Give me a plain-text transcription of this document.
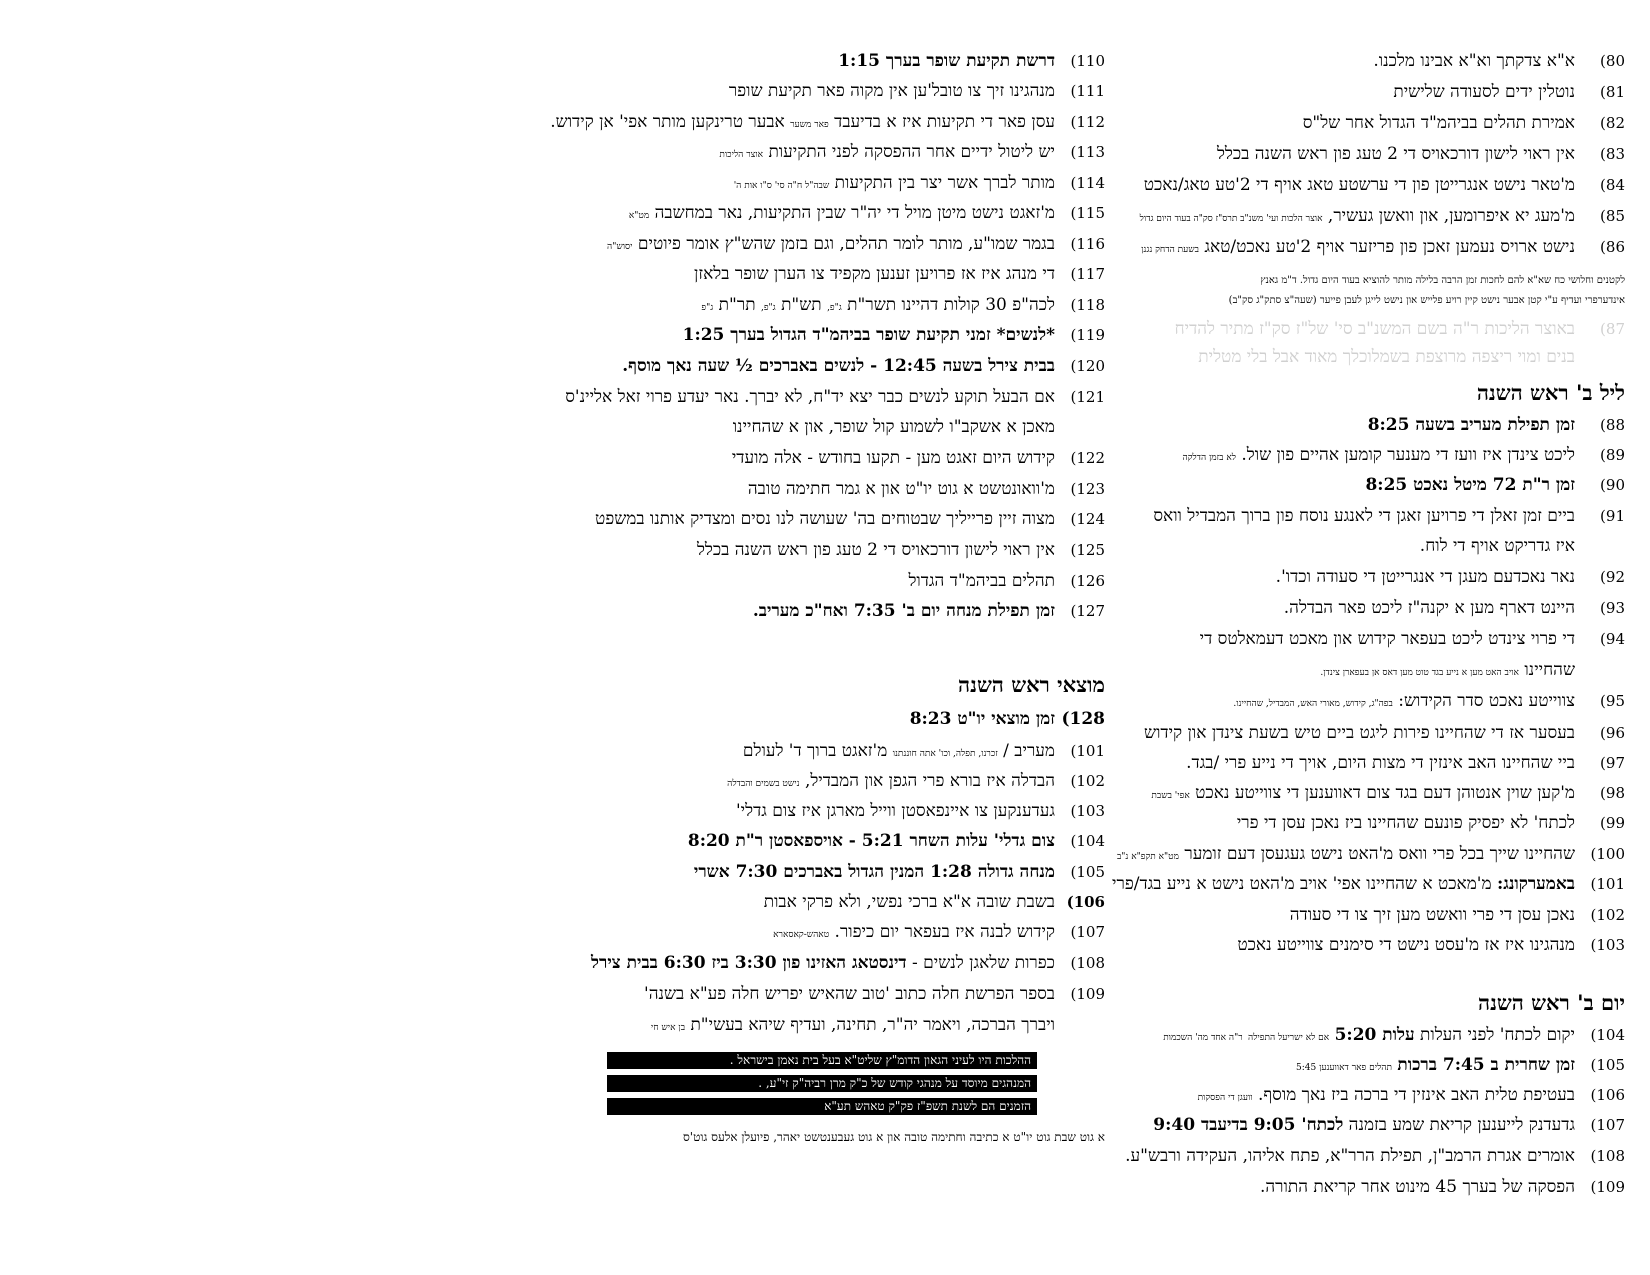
80)א"א צדקתך וא"א אבינו מלכנו.
81)נוטלין ידים לסעודה שלישית
82)אמירת תהלים בביהמ"ד הגדול אחר של"ס
83)אין ראוי לישון דורכאויס די 2 טעג פון ראש השנה בכלל
84)מ'טאר נישט אנגרייטן פון די ערשטע טאג אויף די 2'טע טאג/נאכט
85)מ'מעג יא איפרומען, און וואשן געשיר, אוצר הלכות ועי' משנ"ב תרס"ז סק"ה בעוד היום גדול
86)נישט ארויס נעמען זאכן פון פריזער אויף 2'טע נאכט/טאג בשעת הדחק נגנן
לקטנים וחלושי כח שא"א להם לחכות זמן הרבה בלילה מותר להוציא בעוד היום גדול. ד"מ גאנץ
אינדערפרי ועדיף ע"י קטן אבער נישט קיין רויע פלייש און נישט לייגן לעבן פייער (שעה"צ סתק"ג סק"ב)
87)באוצר הליכות ר"ה בשם המשנ"ב סי' של"ז סק"ז מתיר להדיח
בנים ומוי ריצפה מרוצפת בשמלוכלך מאוד אבל בלי מטלית
ליל ב' ראש השנה
88)זמן תפילת מעריב בשעה 8:25
89)ליכט צינדן איז וועז די מענער קומען אהיים פון שול. לא בזמן הדלקה
90)זמן ר"ת 72 מיטל נאכט 8:25
91)ביים זמן זאלן די פרויען זאגן די לאנגע נוסח פון ברוך המבדיל וואס
איז גדריקט אויף די לוח.
92)נאר נאכדעם מעגן די אנגרייטן די סעודה וכדו'.
93)היינט דארף מען א יקנה"ז ליכט פאר הבדלה.
94)די פרוי צינדט ליכט בעפאר קידוש און מאכט דעמאלטס די
שהחיינו אויב האט מען א נייע בגד טוט מען דאס אן בעפארן צינדן.
95)צווייטע נאכט סדר הקידוש: בפה"ג, קידוש, מאורי האש, המבדיל, שהחיינו.
96)בעסער אז די שהחיינו פירות ליגט ביים טיש בשעת צינדן און קידוש
97)ביי שהחיינו האב אינזין די מצות היום, אויך די נייע פרי /בגד.
98)מ'קען שוין אנטוהן דעם בגד צום דאווענען די צווייטע נאכט אפי' בשבת
99)לכתח' לא יפסיק פונעם שהחיינו ביז נאכן עסן די פרי
100)שהחיינו שייך בכל פרי וואס מ'האט נישט געגעסן דעם זומער מט"א תקפ"א נ"ב
101)באמערקונג: מ'מאכט א שהחיינו אפי' אויב מ'האט נישט א נייע בגד/פרי
102)נאכן עסן די פרי וואשט מען זיך צו די סעודה
103)מנהגינו איז אז מ'עסט נישט די סימנים צווייטע נאכט
יום ב' ראש השנה
104)יקום לכתח' לפני העלות עלות 5:20 אם לא ישריעל התפילה ר"ה אחד מה' השכמות
105)זמן שחרית ב 7:45 ברכות תהלים פאר דאווענען 5:45
106)בעטיפת טלית האב אינזין די ברכה ביז נאך מוסף. וועגן די הפסקות
107)גדעדנק לייענען קריאת שמע בזמנה לכתח' 9:05 בדיעבד 9:40
108)אומרים אגרת הרמב"ן, תפילת הרר"א, פתח אליהו, העקידה ורבש"ע.
109)הפסקה של בערך 45 מינוט אחר קריאת התורה.
110)דרשת תקיעת שופר בערך 1:15
111)מנהגינו זיך צו טובל'ען אין מקוה פאר תקיעת שופר
112)עסן פאר די תקיעות איז א בדיעבד פאר משער אבער טרינקען מותר אפי' אן קידוש.
113)יש ליטול ידיים אחר ההפסקה לפני התקיעות אוצר הליכות
114)מותר לברך אשר יצר בין התקיעות שבה"ל ח"ה סי' ס"ו אות ה'
115)מ'זאגט נישט מיטן מויל די יה"ר שבין התקיעות, נאר במחשבה מט"א
116)בגמר שמו"ע, מותר לומר תהלים, וגם בזמן שהש"ץ אומר פיוטים יסוש"ה
117)די מנהג איז אז פרויען זענען מקפיד צו הערן שופר בלאזן
118)לכה"פ 30 קולות דהיינו תשר"ת ג"פ, תש"ת ג"פ, תר"ת ג"פ
119)*לנשים* זמני תקיעת שופר בביהמ"ד הגדול בערך 1:25
120)בבית צירל בשעה 12:45 - לנשים באברכים ½ שעה נאך מוסף.
121)אם הבעל תוקע לנשים כבר יצא יד"ח, לא יברך. נאר יעדע פרוי זאל אליינ'ס
מאכן א אשקב"ו לשמוע קול שופר, און א שהחיינו
122)קידוש היום זאגט מען - תקעו בחודש - אלה מועדי
123)מ'וואונטשט א גוט יו"ט און א גמר חתימה טובה
124)מצוה זיין פרייליך שבטוחים בה' שעושה לנו נסים ומצדיק אותנו במשפט
125)אין ראוי לישון דורכאויס די 2 טעג פון ראש השנה בכלל
126)תהלים בביהמ"ד הגדול
127)זמן תפילת מנחה יום ב' 7:35 ואח"כ מעריב.
מוצאי ראש השנה
128)זמן מוצאי יו"ט 8:23
101)מעריב / זכרנו, תפלה, וכו' אתה חוננתנו מ'זאגט ברוך ד' לעולם
102)הבדלה איז בורא פרי הגפן און המבדיל, נישט בשמים והבדלה
103)געדענקען צו איינפאסטן ווייל מארגן איז צום גדלי'
104)צום גדלי' עלות השחר 5:21 - אויספאסטן ר"ת 8:20
105)מנחה גדולה 1:28 המנין הגדול באברכים 7:30 אשרי
106)בשבת שובה א"א ברכי נפשי, ולא פרקי אבות
107)קידוש לבנה איז בעפאר יום כיפור. טאהש-קאסארא
108)כפרות שלאגן לנשים - דינסטאג האזינו פון 3:30 ביז 6:30 בבית צירל
109)בספר הפרשת חלה כתוב 'טוב שהאיש יפריש חלה פע"א בשנה'
ויברך הברכה, ויאמר יה"ר, תחינה, ועדיף שיהא בעשי"ת בן איש חי
ההלכות היו לעיני הגאון הדומ"ץ שליט"א בעל בית נאמן בישראל .
המנהגים מיוסד על מנהגי קודש של כ"ק מרן רביה"ק זי"ע, .
הזמנים הם לשנת תשפ"ז פק"ק טאהש תע"א
א גוט שבת גוט יו"ט א כתיבה וחתימה טובה און א גוט געבענטשט יאהר, פיועלן אלעס גוט'ס
